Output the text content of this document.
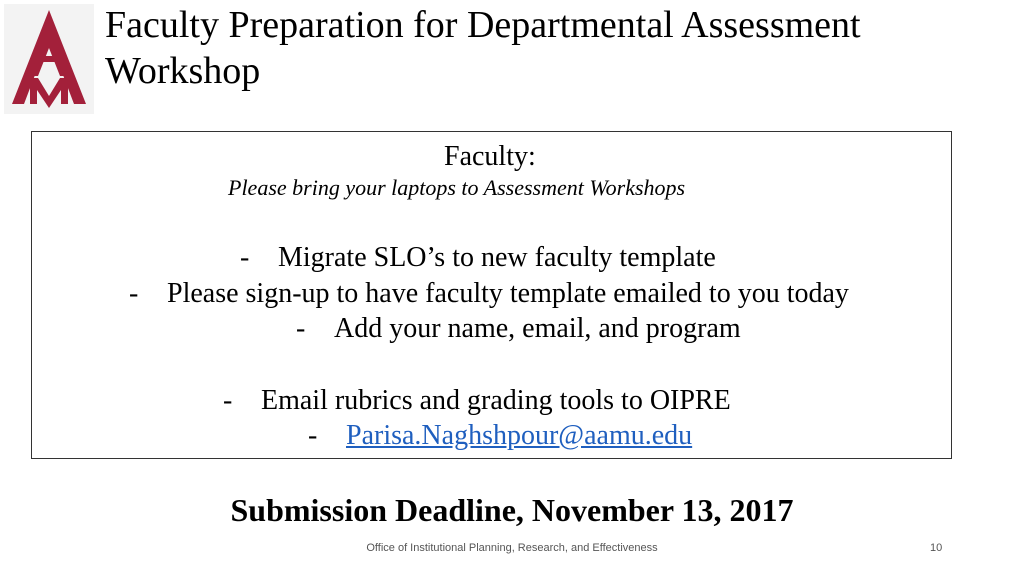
Faculty Preparation for Departmental Assessment Workshop
Faculty:
Please bring your laptops to Assessment Workshops
- Migrate SLO’s to new faculty template
- Please sign-up to have faculty template emailed to you today
- Add your name, email, and program
- Email rubrics and grading tools to OIPRE
- Parisa.Naghshpour@aamu.edu
Submission Deadline, November 13, 2017
Office of Institutional Planning, Research, and Effectiveness	10
